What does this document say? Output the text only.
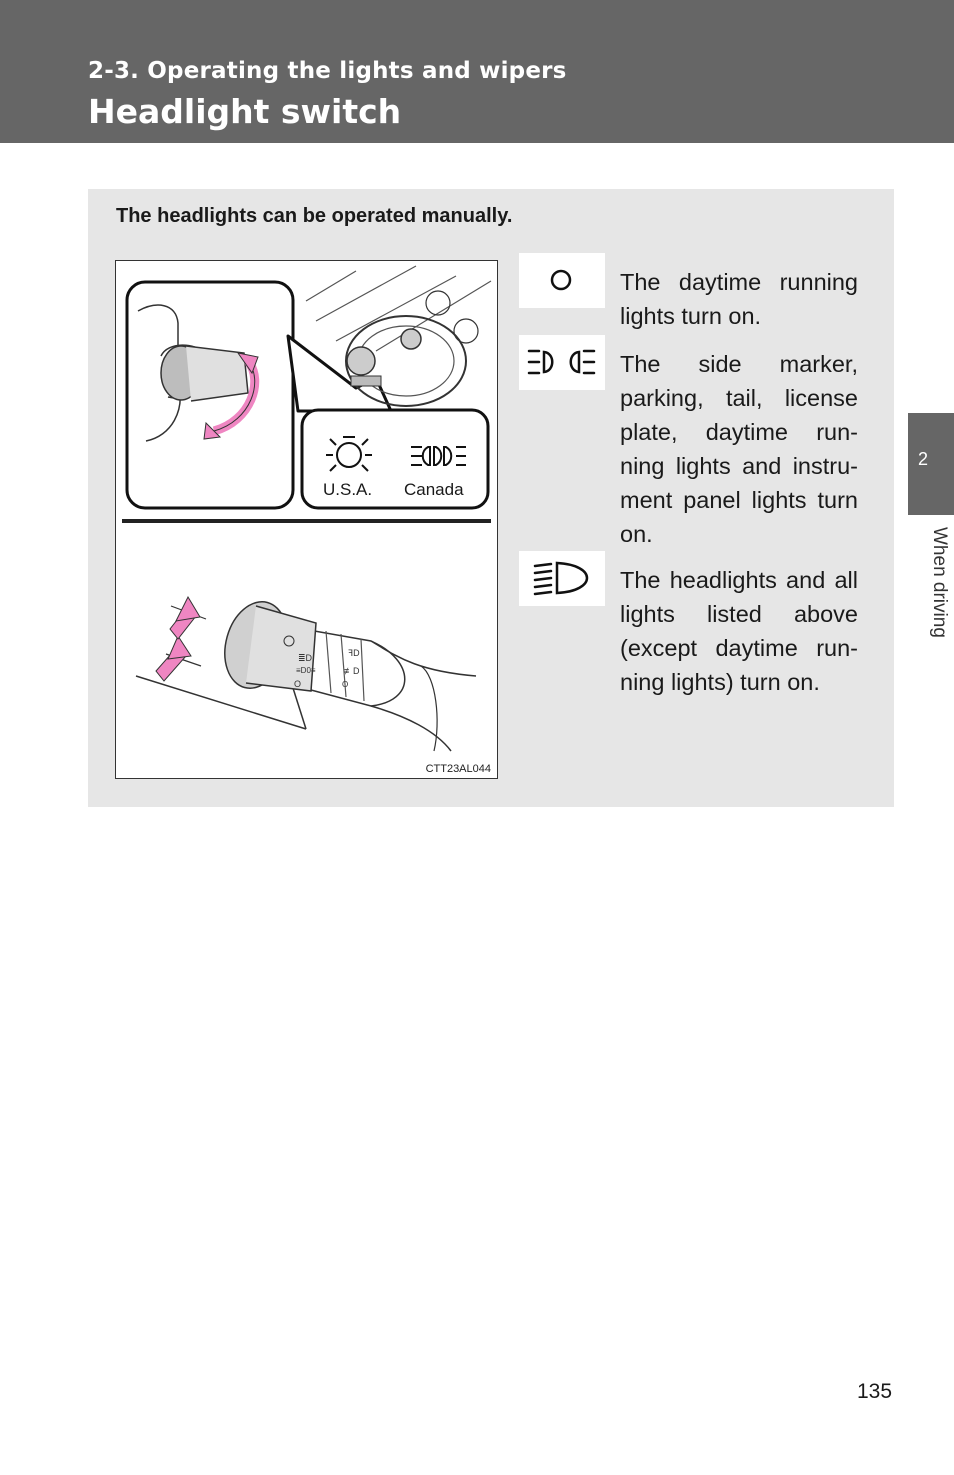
2-3. Operating the lights and wipers
Headlight switch
The headlights can be operated manually.
≣D
≡D0≡
O
ꟻD
≢D
O
U.S.A. Canada
CTT23AL044
The daytime running lights turn on.
The side marker, parking, tail, license plate, daytime run-ning lights and instru-ment panel lights turn on.
The headlights and all lights listed above (except daytime run-ning lights) turn on.
2
When driving
135
